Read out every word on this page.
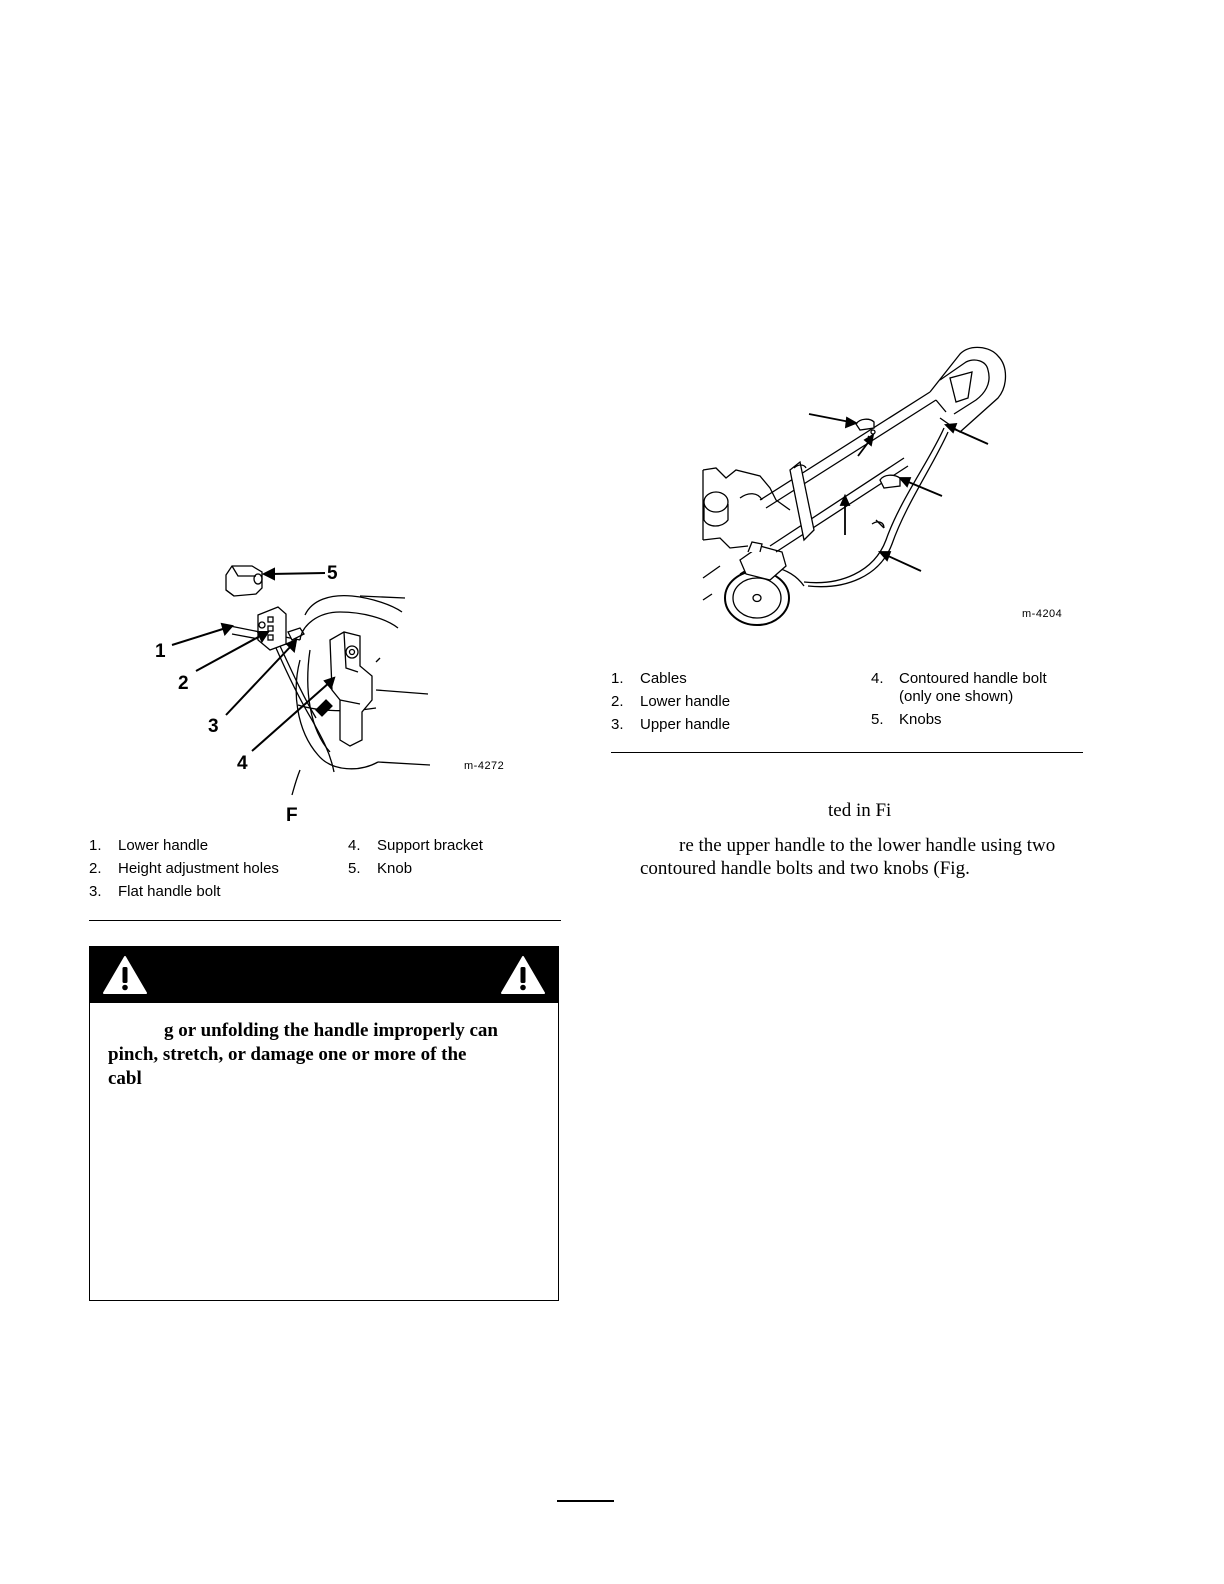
5
1
2
3
4	m-4272
F
1. Lower handle
2. Height adjustment holes
3. Flat handle bolt
4. Support bracket
5. Knob
g or unfolding the handle improperly can
pinch, stretch, or damage one or more of the
cabl
m-4204
1. Cables
2. Lower handle
3. Upper handle
4. Contoured handle bolt
(only one shown)
5. Knobs
ted in Fi
re the upper handle to the lower handle using two
contoured handle bolts and two knobs (Fig.
